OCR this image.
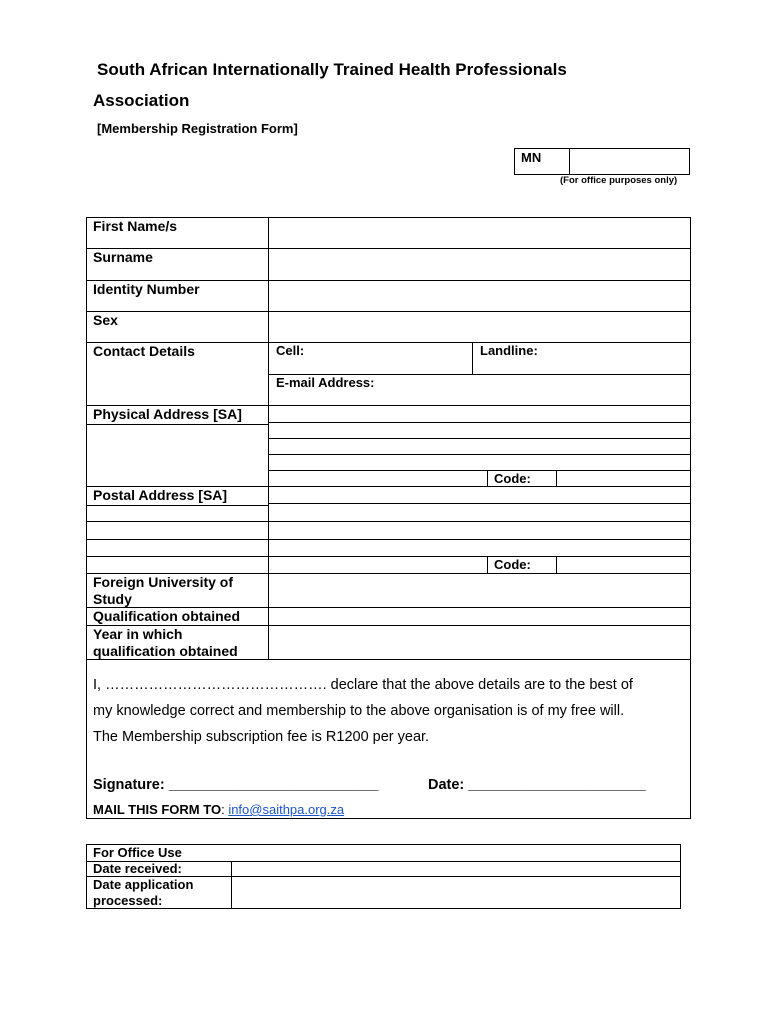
South African Internationally Trained Health Professionals
Association
[Membership Registration Form]
MN
(For office purposes only)
First Name/s
Surname
Identity Number
Sex
Contact Details	Cell:	Landline:
E-mail Address:
Physical Address [SA]
Code:
Postal Address [SA]
Code:
Foreign University of Study
Qualification obtained
Year in which qualification obtained
I, ………………………………………. declare that the above details are to the best of
my knowledge correct and membership to the above organisation is of my free will.
The Membership subscription fee is R1200 per year.
Signature: __________________________	Date: ______________________
MAIL THIS FORM TO: info@saithpa.org.za
For Office Use
Date received:
Date application processed:
